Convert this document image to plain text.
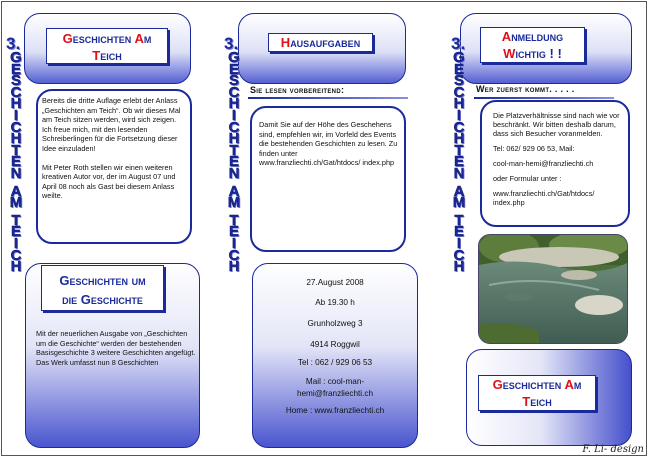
Geschichten Am
Teich
Bereits die dritte Auflage erlebt der Anlass „Geschichten am Teich“. Ob wir dieses Mal am Teich sitzen werden, wird sich zeigen. Ich freue mich, mit den lesenden Schreiberlingen für die Fortsetzung dieser Idee einzuladen!
Mit Peter Roth stellen wir einen weiteren kreativen Autor vor, der im August 07 und April 08 noch als Gast bei diesem Anlass weilte.
Geschichten um
die Geschichte
Mit der neuerlichen Ausgabe von „Geschichten um die Geschichte“ werden der bestehenden Basisgeschichte 3 weitere Geschichten angefügt. Das Werk umfasst nun 8 Geschichten
3.
GESCHICHTEN
AM
TEICH
Hausaufgaben
Sie lesen vorbereitend:
Damit Sie auf der Höhe des Geschehens sind, empfehlen wir, im Vorfeld des Events die bestehenden Geschichten zu lesen. Zu finden unter www.franzliechti.ch/Gat/htdocs/ index.php
27.August 2008
Ab 19.30 h
Grunholzweg 3
4914 Roggwil
Tel : 062 / 929 06 53
Mail : cool-man-hemi@franzliechti.ch
Home : www.franzliechti.ch
3.
GESCHICHTEN
AM
TEICH
Anmeldung
Wichtig ! !
Wer zuerst kommt. . . . .
Die Platzverhältnisse sind nach wie vor beschränkt. Wir bitten deshalb darum, dass sich Besucher voranmelden.
Tel: 062/ 929 06 53, Mail:
cool-man-hemi@franzliechti.ch
oder Formular unter :
www.franzliechti.ch/Gat/htdocs/ index.php
Geschichten Am
Teich
3.
GESCHICHTEN
AM
TEICH
F. Li- design
